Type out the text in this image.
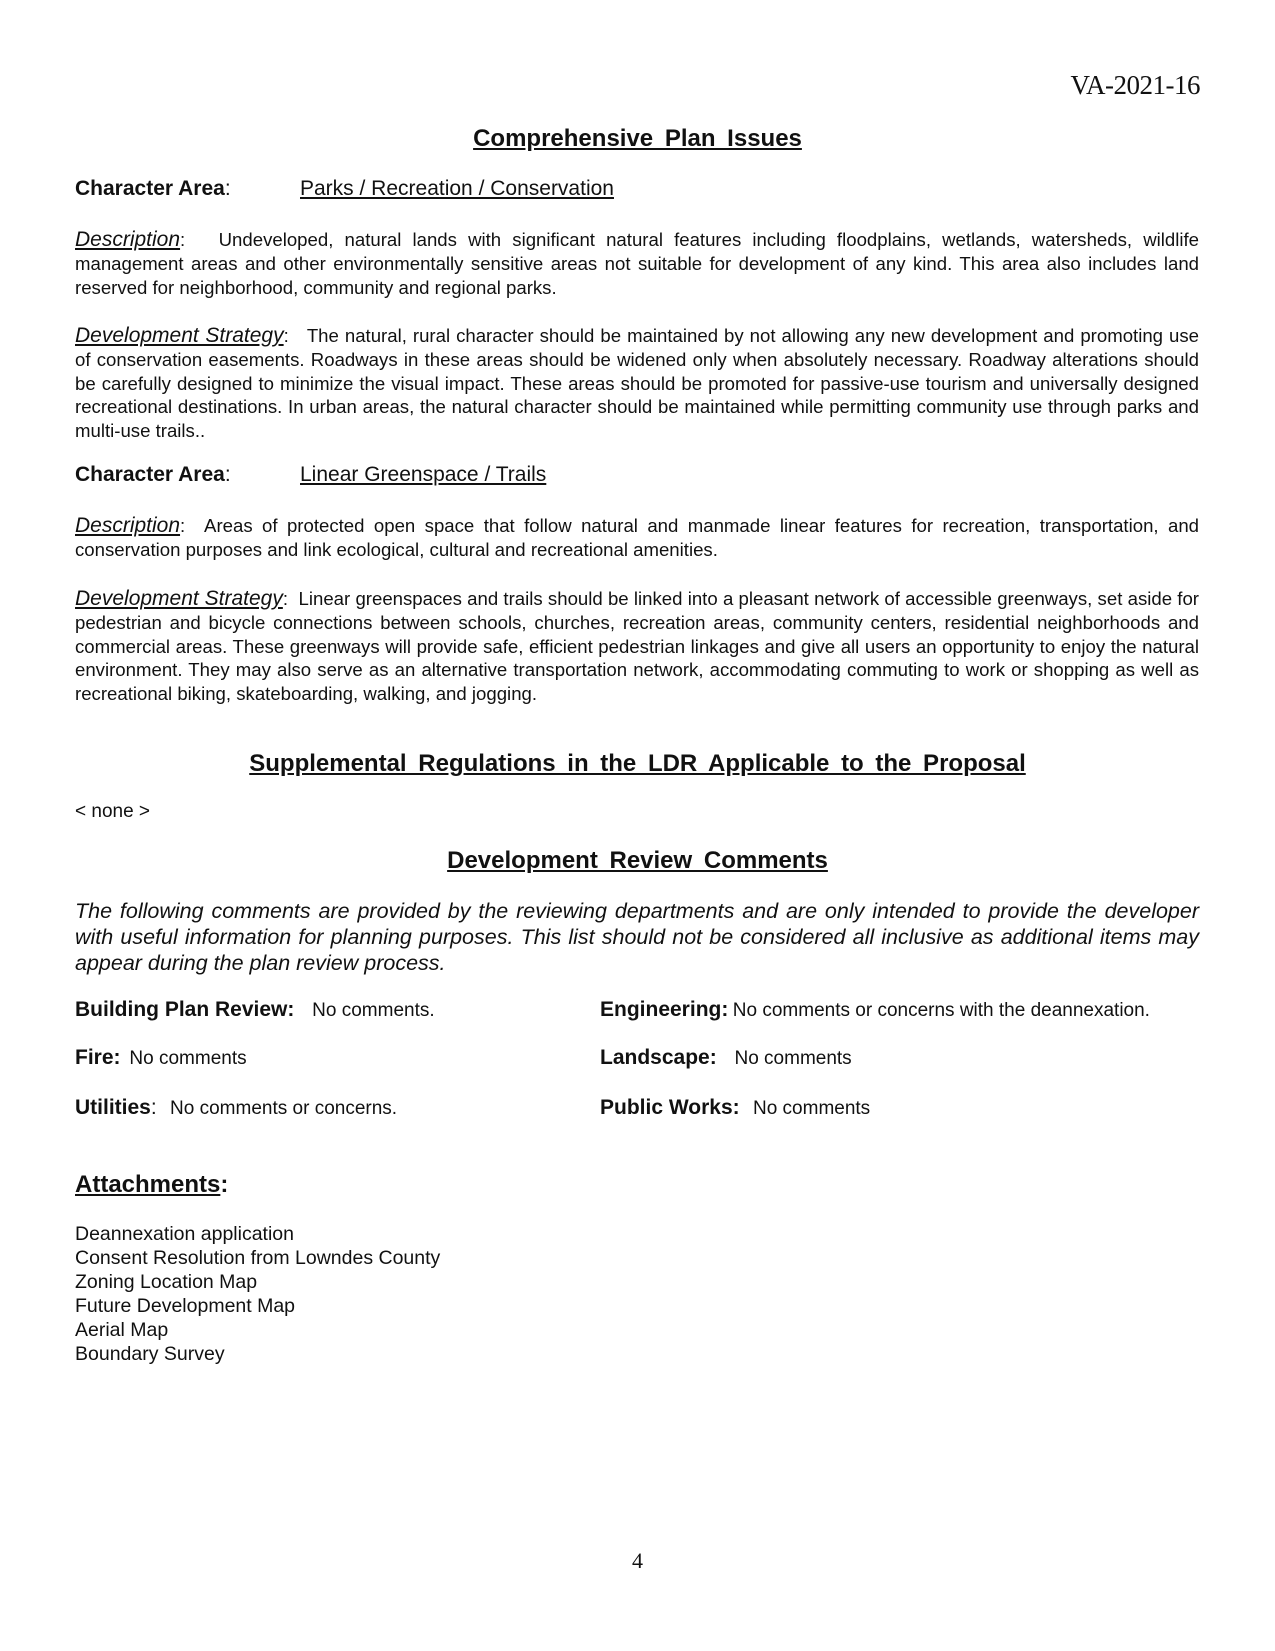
VA-2021-16
Comprehensive Plan Issues
Character Area:	Parks / Recreation / Conservation
Description:   Undeveloped, natural lands with significant natural features including floodplains, wetlands, watersheds, wildlife management areas and other environmentally sensitive areas not suitable for development of any kind. This area also includes land reserved for neighborhood, community and regional parks.
Development Strategy:   The natural, rural character should be maintained by not allowing any new development and promoting use of conservation easements. Roadways in these areas should be widened only when absolutely necessary. Roadway alterations should be carefully designed to minimize the visual impact. These areas should be promoted for passive-use tourism and universally designed recreational destinations. In urban areas, the natural character should be maintained while permitting community use through parks and multi-use trails..
Character Area:	Linear Greenspace / Trails
Description:  Areas of protected open space that follow natural and manmade linear features for recreation, transportation, and conservation purposes and link ecological, cultural and recreational amenities.
Development Strategy:  Linear greenspaces and trails should be linked into a pleasant network of accessible greenways, set aside for pedestrian and bicycle connections between schools, churches, recreation areas, community centers, residential neighborhoods and commercial areas. These greenways will provide safe, efficient pedestrian linkages and give all users an opportunity to enjoy the natural environment. They may also serve as an alternative transportation network, accommodating commuting to work or shopping as well as recreational biking, skateboarding, walking, and jogging.
Supplemental Regulations in the LDR Applicable to the Proposal
< none >
Development Review Comments
The following comments are provided by the reviewing departments and are only intended to provide the developer with useful information for planning purposes. This list should not be considered all inclusive as additional items may appear during the plan review process.
Building Plan Review: No comments.	Engineering: No comments or concerns with the deannexation.
Fire: No comments	Landscape: No comments
Utilities: No comments or concerns.	Public Works: No comments
Attachments:
Deannexation application
Consent Resolution from Lowndes County
Zoning Location Map
Future Development Map
Aerial Map
Boundary Survey
4
